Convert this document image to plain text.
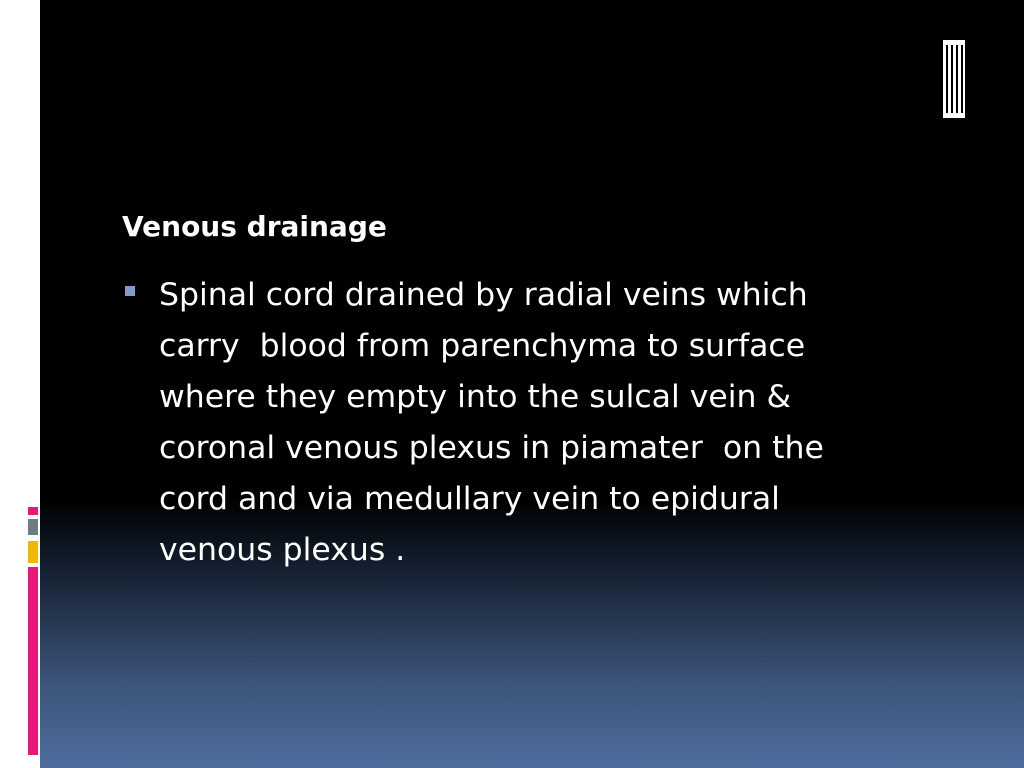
Venous drainage
Spinal cord drained by radial veins which
carry  blood from parenchyma to surface
where they empty into the sulcal vein &
coronal venous plexus in piamater  on the
cord and via medullary vein to epidural
venous plexus .
